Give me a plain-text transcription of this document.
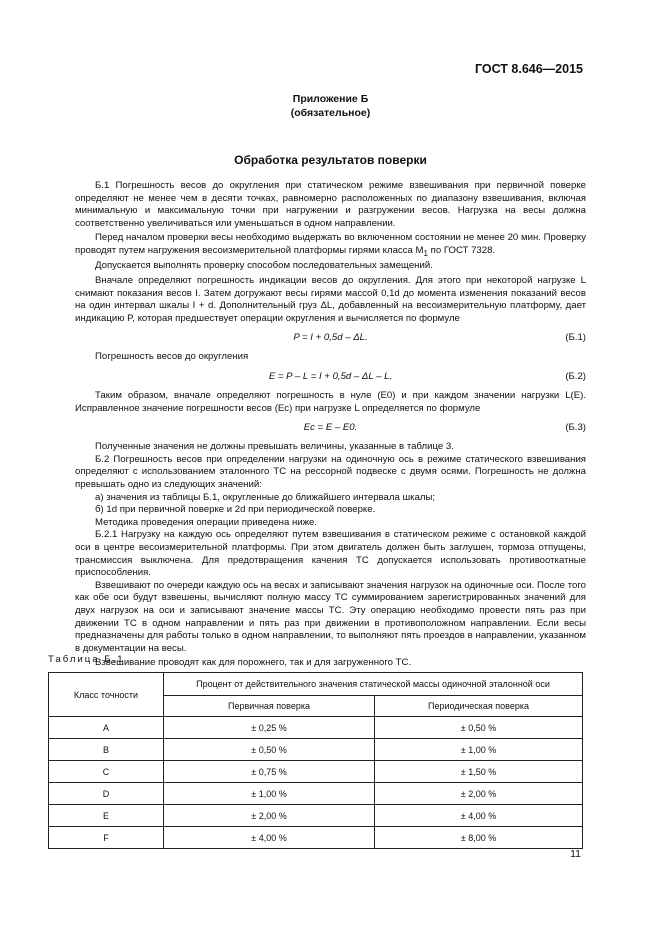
ГОСТ 8.646—2015
Приложение Б
(обязательное)
Обработка результатов поверки

Б.1 Погрешность весов до округления при статическом режиме взвешивания при первичной поверке определяют не менее чем в десяти точках, равномерно расположенных по диапазону взвешивания, включая минимальную и максимальную точки при нагружении и разгружении весов. Нагрузка на весы должна соответственно увеличиваться или уменьшаться в одном направлении.

Перед началом проверки весы необходимо выдержать во включенном состоянии не менее 20 мин. Проверку проводят путем нагружения весоизмерительной платформы гирями класса $M_1$ по ГОСТ 7328.

Допускается выполнять проверку способом последовательных замещений.

Вначале определяют погрешность индикации весов до округления. Для этого при некоторой нагрузке L снимают показания весов I. Затем догружают весы гирями массой 0,1d до момента изменения показаний весов на один интервал шкалы I + d. Дополнительный груз ΔL, добавленный на весоизмерительную платформу, дает индикацию P, которая предшествует операции округления и вычисляется по формуле

P = I + 0,5d – ΔL.	(Б.1)

Погрешность весов до округления

E = P – L = I + 0,5d – ΔL – L.	(Б.2)

Таким образом, вначале определяют погрешность в нуле (E0) и при каждом значении нагрузки L(E). Исправленное значение погрешности весов (Ec) при нагрузке L определяется по формуле

Ec = E – E0.	(Б.3)

Полученные значения не должны превышать величины, указанные в таблице 3.

Б.2 Погрешность весов при определении нагрузки на одиночную ось в режиме статического взвешивания определяют с использованием эталонного ТС на рессорной подвеске с двумя осями. Погрешность не должна превышать одно из следующих значений:

а) значения из таблицы Б.1, округленные до ближайшего интервала шкалы;

б) 1d при первичной поверке и 2d при периодической поверке.

Методика проведения операции приведена ниже.

Б.2.1 Нагрузку на каждую ось определяют путем взвешивания в статическом режиме с остановкой каждой оси в центре весоизмерительной платформы. При этом двигатель должен быть заглушен, тормоза отпущены, трансмиссия выключена. Для предотвращения качения ТС допускается использовать противооткатные приспособления.

Взвешивают по очереди каждую ось на весах и записывают значения нагрузок на одиночные оси. После того как обе оси будут взвешены, вычисляют полную массу ТС суммированием зарегистрированных значений для двух нагрузок на оси и записывают значение массы ТС. Эту операцию необходимо провести пять раз при движении ТС в одном направлении и пять раз при движении в противоположном направлении. Если весы предназначены для работы только в одном направлении, то выполняют пять проездов в направлении, указанном в документации на весы.

Взвешивание проводят как для порожнего, так и для загруженного ТС.

Таблица Б.1
Класс точности	Процент от действительного значения статической массы одиночной эталонной оси	
	Первичная поверка	Периодическая поверка
A	± 0,25 %	± 0,50 %
B	± 0,50 %	± 1,00 %
C	± 0,75 %	± 1,50 %
D	± 1,00 %	± 2,00 %
E	± 2,00 %	± 4,00 %
F	± 4,00 %	± 8,00 %
11
